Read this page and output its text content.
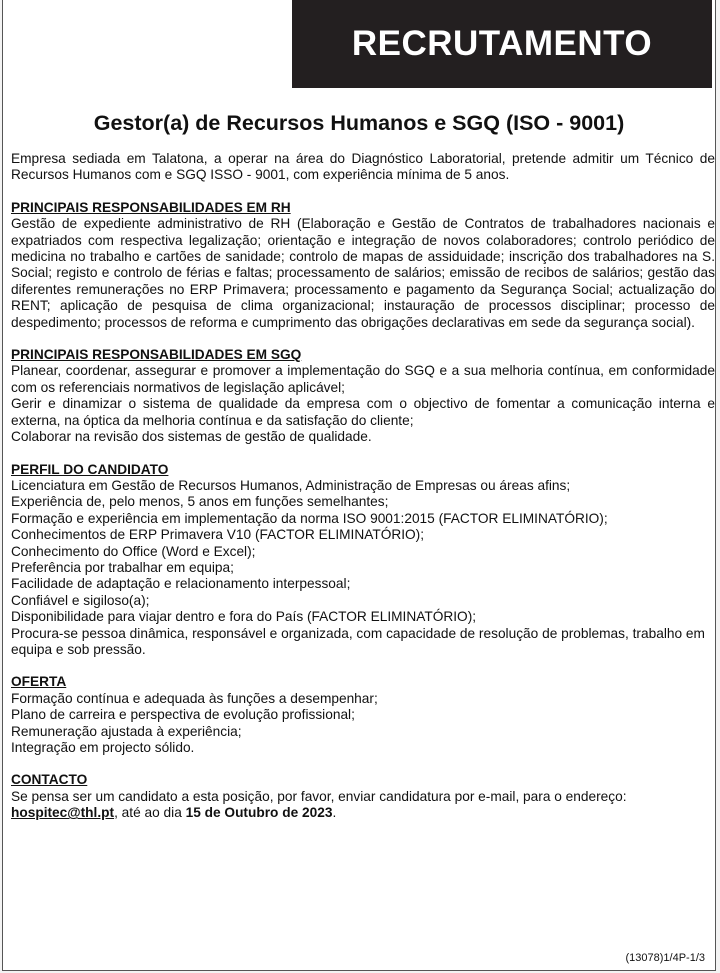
RECRUTAMENTO
Gestor(a) de Recursos Humanos e SGQ (ISO - 9001)

Empresa sediada em Talatona, a operar na área do Diagnóstico Laboratorial, pretende admitir um Técnico de Recursos Humanos com e SGQ ISSO - 9001, com experiência mínima de 5 anos.

PRINCIPAIS RESPONSABILIDADES EM RH

Gestão de expediente administrativo de RH (Elaboração e Gestão de Contratos de trabalhadores nacionais e expatriados com respectiva legalização; orientação e integração de novos colaboradores; controlo periódico de medicina no trabalho e cartões de sanidade; controlo de mapas de assiduidade; inscrição dos trabalhadores na S. Social; registo e controlo de férias e faltas; processamento de salários; emissão de recibos de salários; gestão das diferentes remunerações no ERP Primavera; processamento e pagamento da Segurança Social; actualização do RENT; aplicação de pesquisa de clima organizacional; instauração de processos disciplinar; processo de despedimento; processos de reforma e cumprimento das obrigações declarativas em sede da segurança social).

PRINCIPAIS RESPONSABILIDADES EM SGQ

Planear, coordenar, assegurar e promover a implementação do SGQ e a sua melhoria contínua, em conformidade com os referenciais normativos de legislação aplicável;

Gerir e dinamizar o sistema de qualidade da empresa com o objectivo de fomentar a comunicação interna e externa, na óptica da melhoria contínua e da satisfação do cliente;

Colaborar na revisão dos sistemas de gestão de qualidade.

PERFIL DO CANDIDATO

Licenciatura em Gestão de Recursos Humanos, Administração de Empresas ou áreas afins;

Experiência de, pelo menos, 5 anos em funções semelhantes;

Formação e experiência em implementação da norma ISO 9001:2015 (FACTOR ELIMINATÓRIO);

Conhecimentos de ERP Primavera V10 (FACTOR ELIMINATÓRIO);

Conhecimento do Office (Word e Excel);

Preferência por trabalhar em equipa;

Facilidade de adaptação e relacionamento interpessoal;

Confiável e sigiloso(a);

Disponibilidade para viajar dentro e fora do País (FACTOR ELIMINATÓRIO);

Procura-se pessoa dinâmica, responsável e organizada, com capacidade de resolução de problemas, trabalho em equipa e sob pressão.

OFERTA

Formação contínua e adequada às funções a desempenhar;

Plano de carreira e perspectiva de evolução profissional;

Remuneração ajustada à experiência;

Integração em projecto sólido.

CONTACTO

Se pensa ser um candidato a esta posição, por favor, enviar candidatura por e-mail, para o endereço:
hospitec@thl.pt, até ao dia 15 de Outubro de 2023.

(13078)1/4P-1/3
